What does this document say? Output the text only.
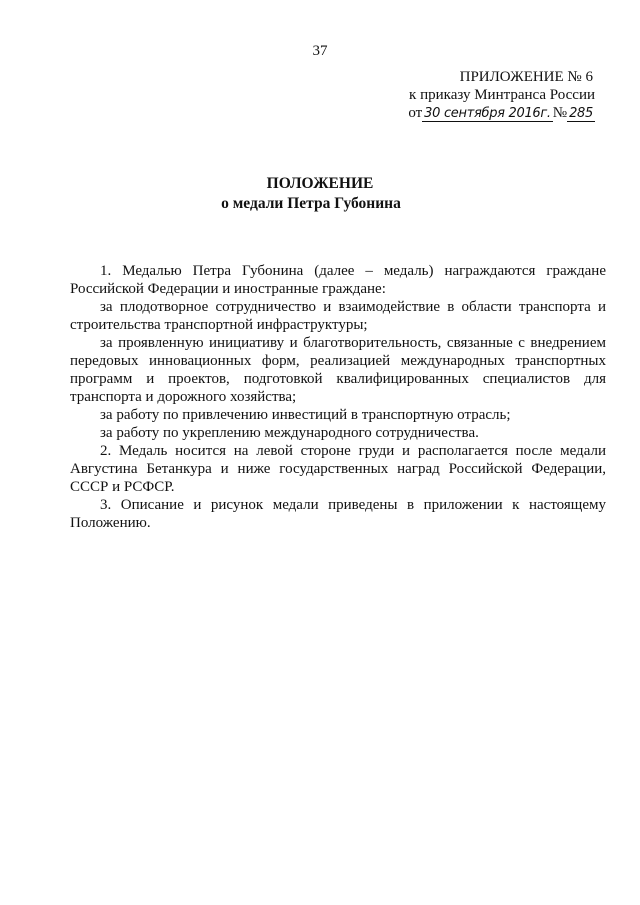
37
ПРИЛОЖЕНИЕ № 6
к приказу Минтранса России
от 30 сентября 2016г. № 285
ПОЛОЖЕНИЕ
о медали Петра Губонина

1. Медалью Петра Губонина (далее – медаль) награждаются граждане Российской Федерации и иностранные граждане:

за плодотворное сотрудничество и взаимодействие в области транспорта и строительства транспортной инфраструктуры;

за проявленную инициативу и благотворительность, связанные с внедрением передовых инновационных форм, реализацией международных транспортных программ и проектов, подготовкой квалифицированных специалистов для транспорта и дорожного хозяйства;

за работу по привлечению инвестиций в транспортную отрасль;

за работу по укреплению международного сотрудничества.

2. Медаль носится на левой стороне груди и располагается после медали Августина Бетанкура и ниже государственных наград Российской Федерации, СССР и РСФСР.

3. Описание и рисунок медали приведены в приложении к настоящему Положению.
